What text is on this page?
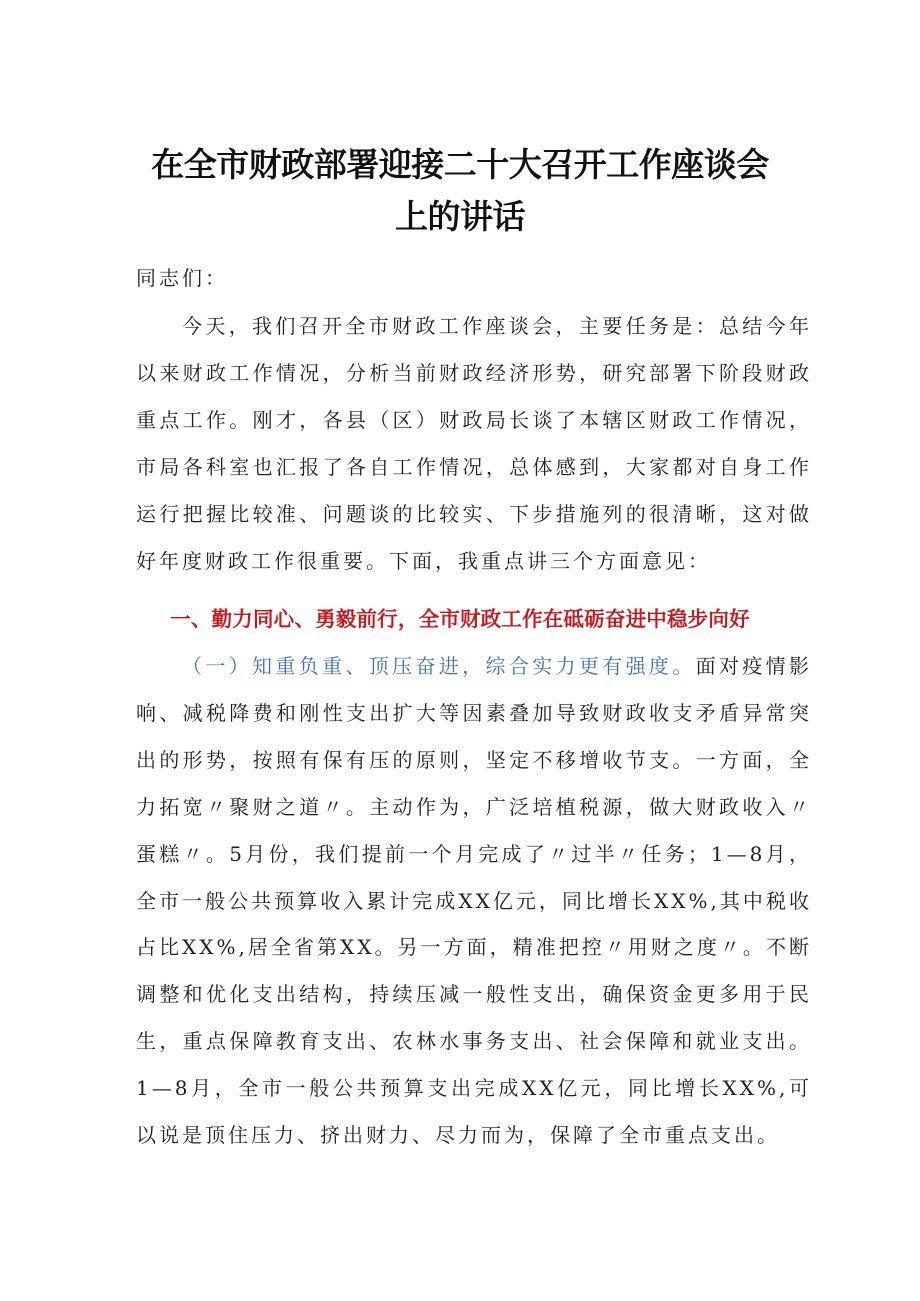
在全市财政部署迎接二十大召开工作座谈会
上的讲话

同志们：

今天，我们召开全市财政工作座谈会，主要任务是：总结今年以来财政工作情况，分析当前财政经济形势，研究部署下阶段财政重点工作。刚才，各县（区）财政局长谈了本辖区财政工作情况，市局各科室也汇报了各自工作情况，总体感到，大家都对自身工作运行把握比较准、问题谈的比较实、下步措施列的很清晰，这对做好年度财政工作很重要。下面，我重点讲三个方面意见：

一、勤力同心、勇毅前行，全市财政工作在砥砺奋进中稳步向好

（一）知重负重、顶压奋进，综合实力更有强度。面对疫情影响、减税降费和刚性支出扩大等因素叠加导致财政收支矛盾异常突出的形势，按照有保有压的原则，坚定不移增收节支。一方面，全力拓宽〃聚财之道〃。主动作为，广泛培植税源，做大财政收入〃蛋糕〃。5月份，我们提前一个月完成了〃过半〃任务；1—8月，全市一般公共预算收入累计完成XX亿元，同比增长XX%,其中税收占比XX%,居全省第XX。另一方面，精准把控〃用财之度〃。不断调整和优化支出结构，持续压减一般性支出，确保资金更多用于民生，重点保障教育支出、农林水事务支出、社会保障和就业支出。1—8月，全市一般公共预算支出完成XX亿元，同比增长XX%,可以说是顶住压力、挤出财力、尽力而为，保障了全市重点支出。
